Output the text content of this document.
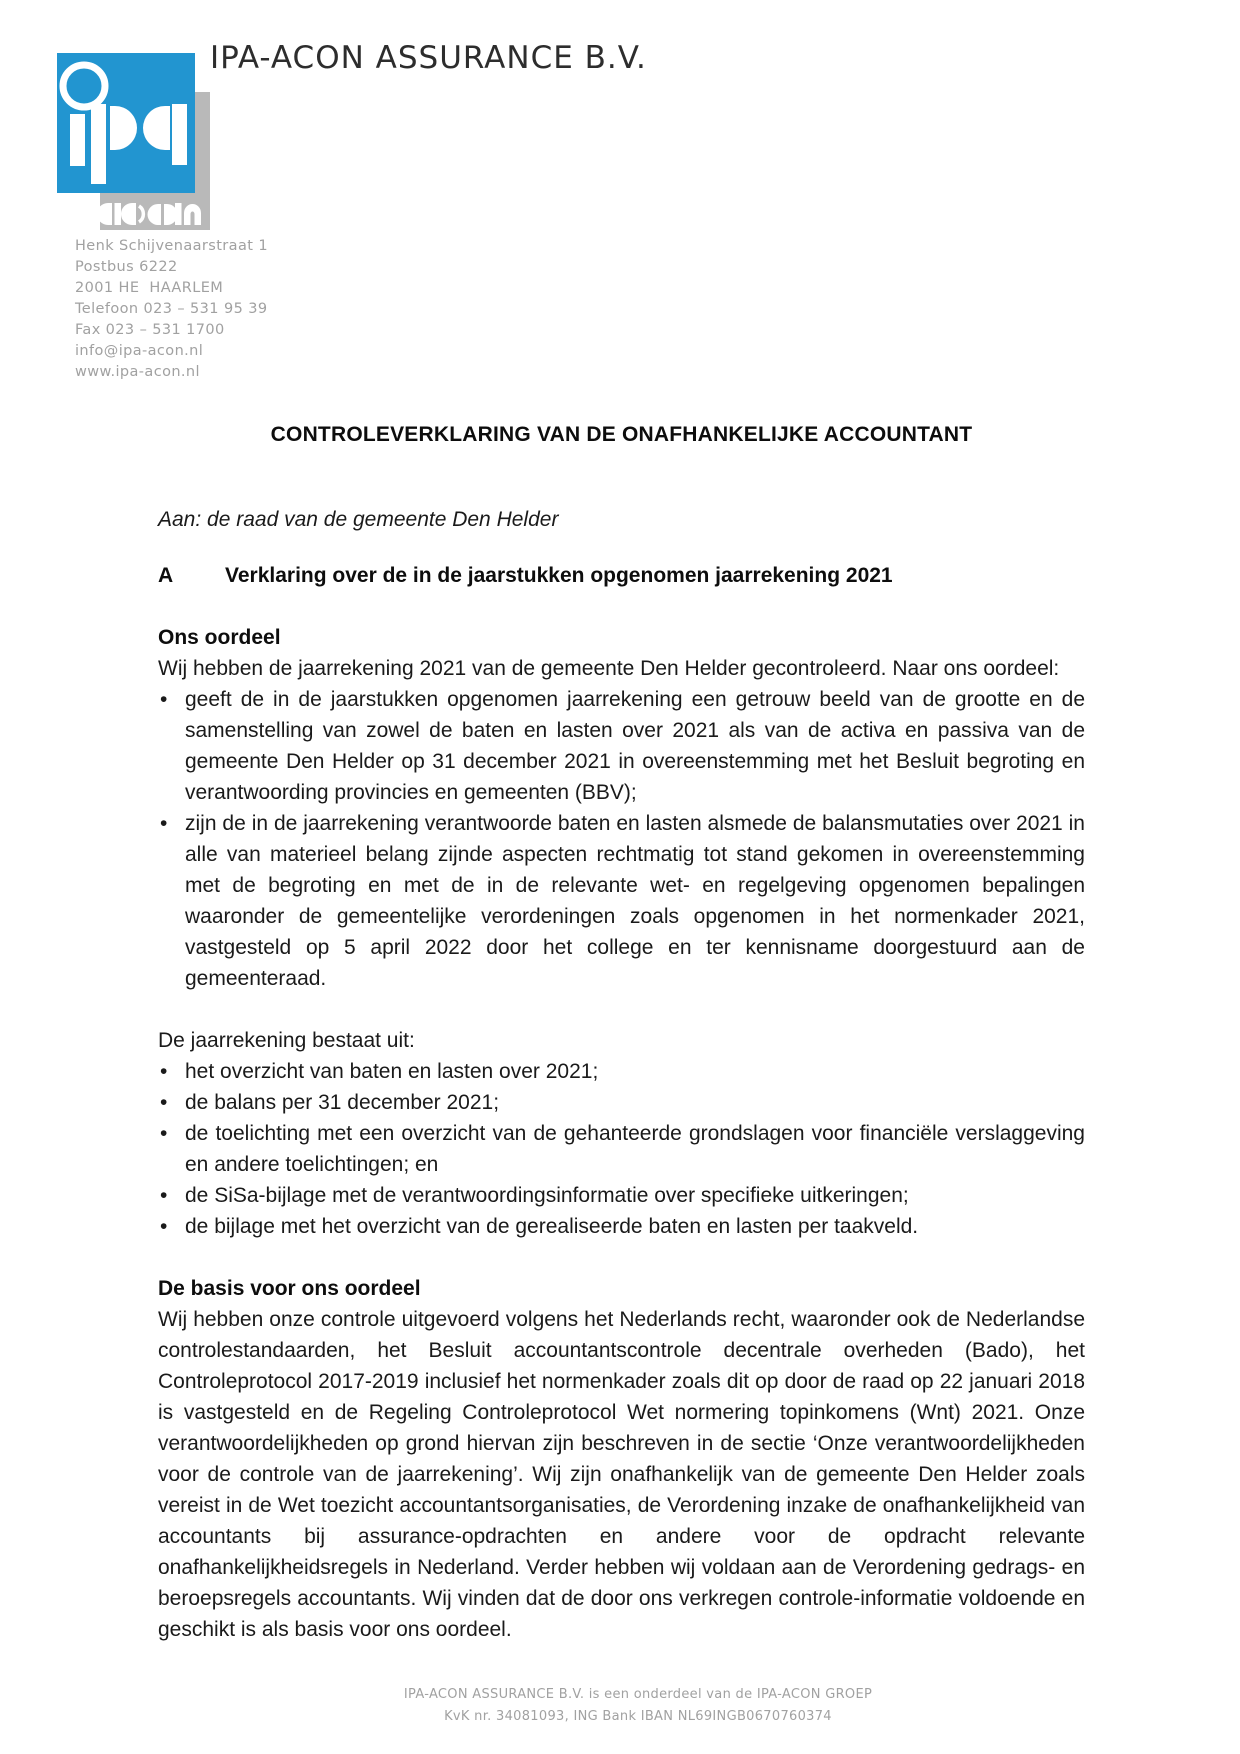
IPA-ACON ASSURANCE B.V.
Henk Schijvenaarstraat 1
Postbus 6222
2001 HE  HAARLEM
Telefoon 023 – 531 95 39
Fax 023 – 531 1700
info@ipa-acon.nl
www.ipa-acon.nl
CONTROLEVERKLARING VAN DE ONAFHANKELIJKE ACCOUNTANT

Aan: de raad van de gemeente Den Helder

A	Verklaring over de in de jaarstukken opgenomen jaarrekening 2021
Ons oordeel

Wij hebben de jaarrekening 2021 van de gemeente Den Helder gecontroleerd. Naar ons oordeel:

• geeft de in de jaarstukken opgenomen jaarrekening een getrouw beeld van de grootte en de samenstelling van zowel de baten en lasten over 2021 als van de activa en passiva van de gemeente Den Helder op 31 december 2021 in overeenstemming met het Besluit begroting en verantwoording provincies en gemeenten (BBV);
• zijn de in de jaarrekening verantwoorde baten en lasten alsmede de balansmutaties over 2021 in alle van materieel belang zijnde aspecten rechtmatig tot stand gekomen in overeenstemming met de begroting en met de in de relevante wet- en regelgeving opgenomen bepalingen waaronder de gemeentelijke verordeningen zoals opgenomen in het normenkader 2021, vastgesteld op 5 april 2022 door het college en ter kennisname doorgestuurd aan de gemeenteraad.

De jaarrekening bestaat uit:

• het overzicht van baten en lasten over 2021;
• de balans per 31 december 2021;
• de toelichting met een overzicht van de gehanteerde grondslagen voor financiële verslaggeving en andere toelichtingen; en
• de SiSa-bijlage met de verantwoordingsinformatie over specifieke uitkeringen;
• de bijlage met het overzicht van de gerealiseerde baten en lasten per taakveld.
De basis voor ons oordeel

Wij hebben onze controle uitgevoerd volgens het Nederlands recht, waaronder ook de Nederlandse controlestandaarden, het Besluit accountantscontrole decentrale overheden (Bado), het Controleprotocol 2017-2019 inclusief het normenkader zoals dit op door de raad op 22 januari 2018 is vastgesteld en de Regeling Controleprotocol Wet normering topinkomens (Wnt) 2021. Onze verantwoordelijkheden op grond hiervan zijn beschreven in de sectie ‘Onze verantwoordelijkheden voor de controle van de jaarrekening’. Wij zijn onafhankelijk van de gemeente Den Helder zoals vereist in de Wet toezicht accountantsorganisaties, de Verordening inzake de onafhankelijkheid van accountants bij assurance-opdrachten en andere voor de opdracht relevante onafhankelijkheidsregels in Nederland. Verder hebben wij voldaan aan de Verordening gedrags- en beroepsregels accountants. Wij vinden dat de door ons verkregen controle-informatie voldoende en geschikt is als basis voor ons oordeel.

IPA-ACON ASSURANCE B.V. is een onderdeel van de IPA-ACON GROEP
KvK nr. 34081093, ING Bank IBAN NL69INGB0670760374
